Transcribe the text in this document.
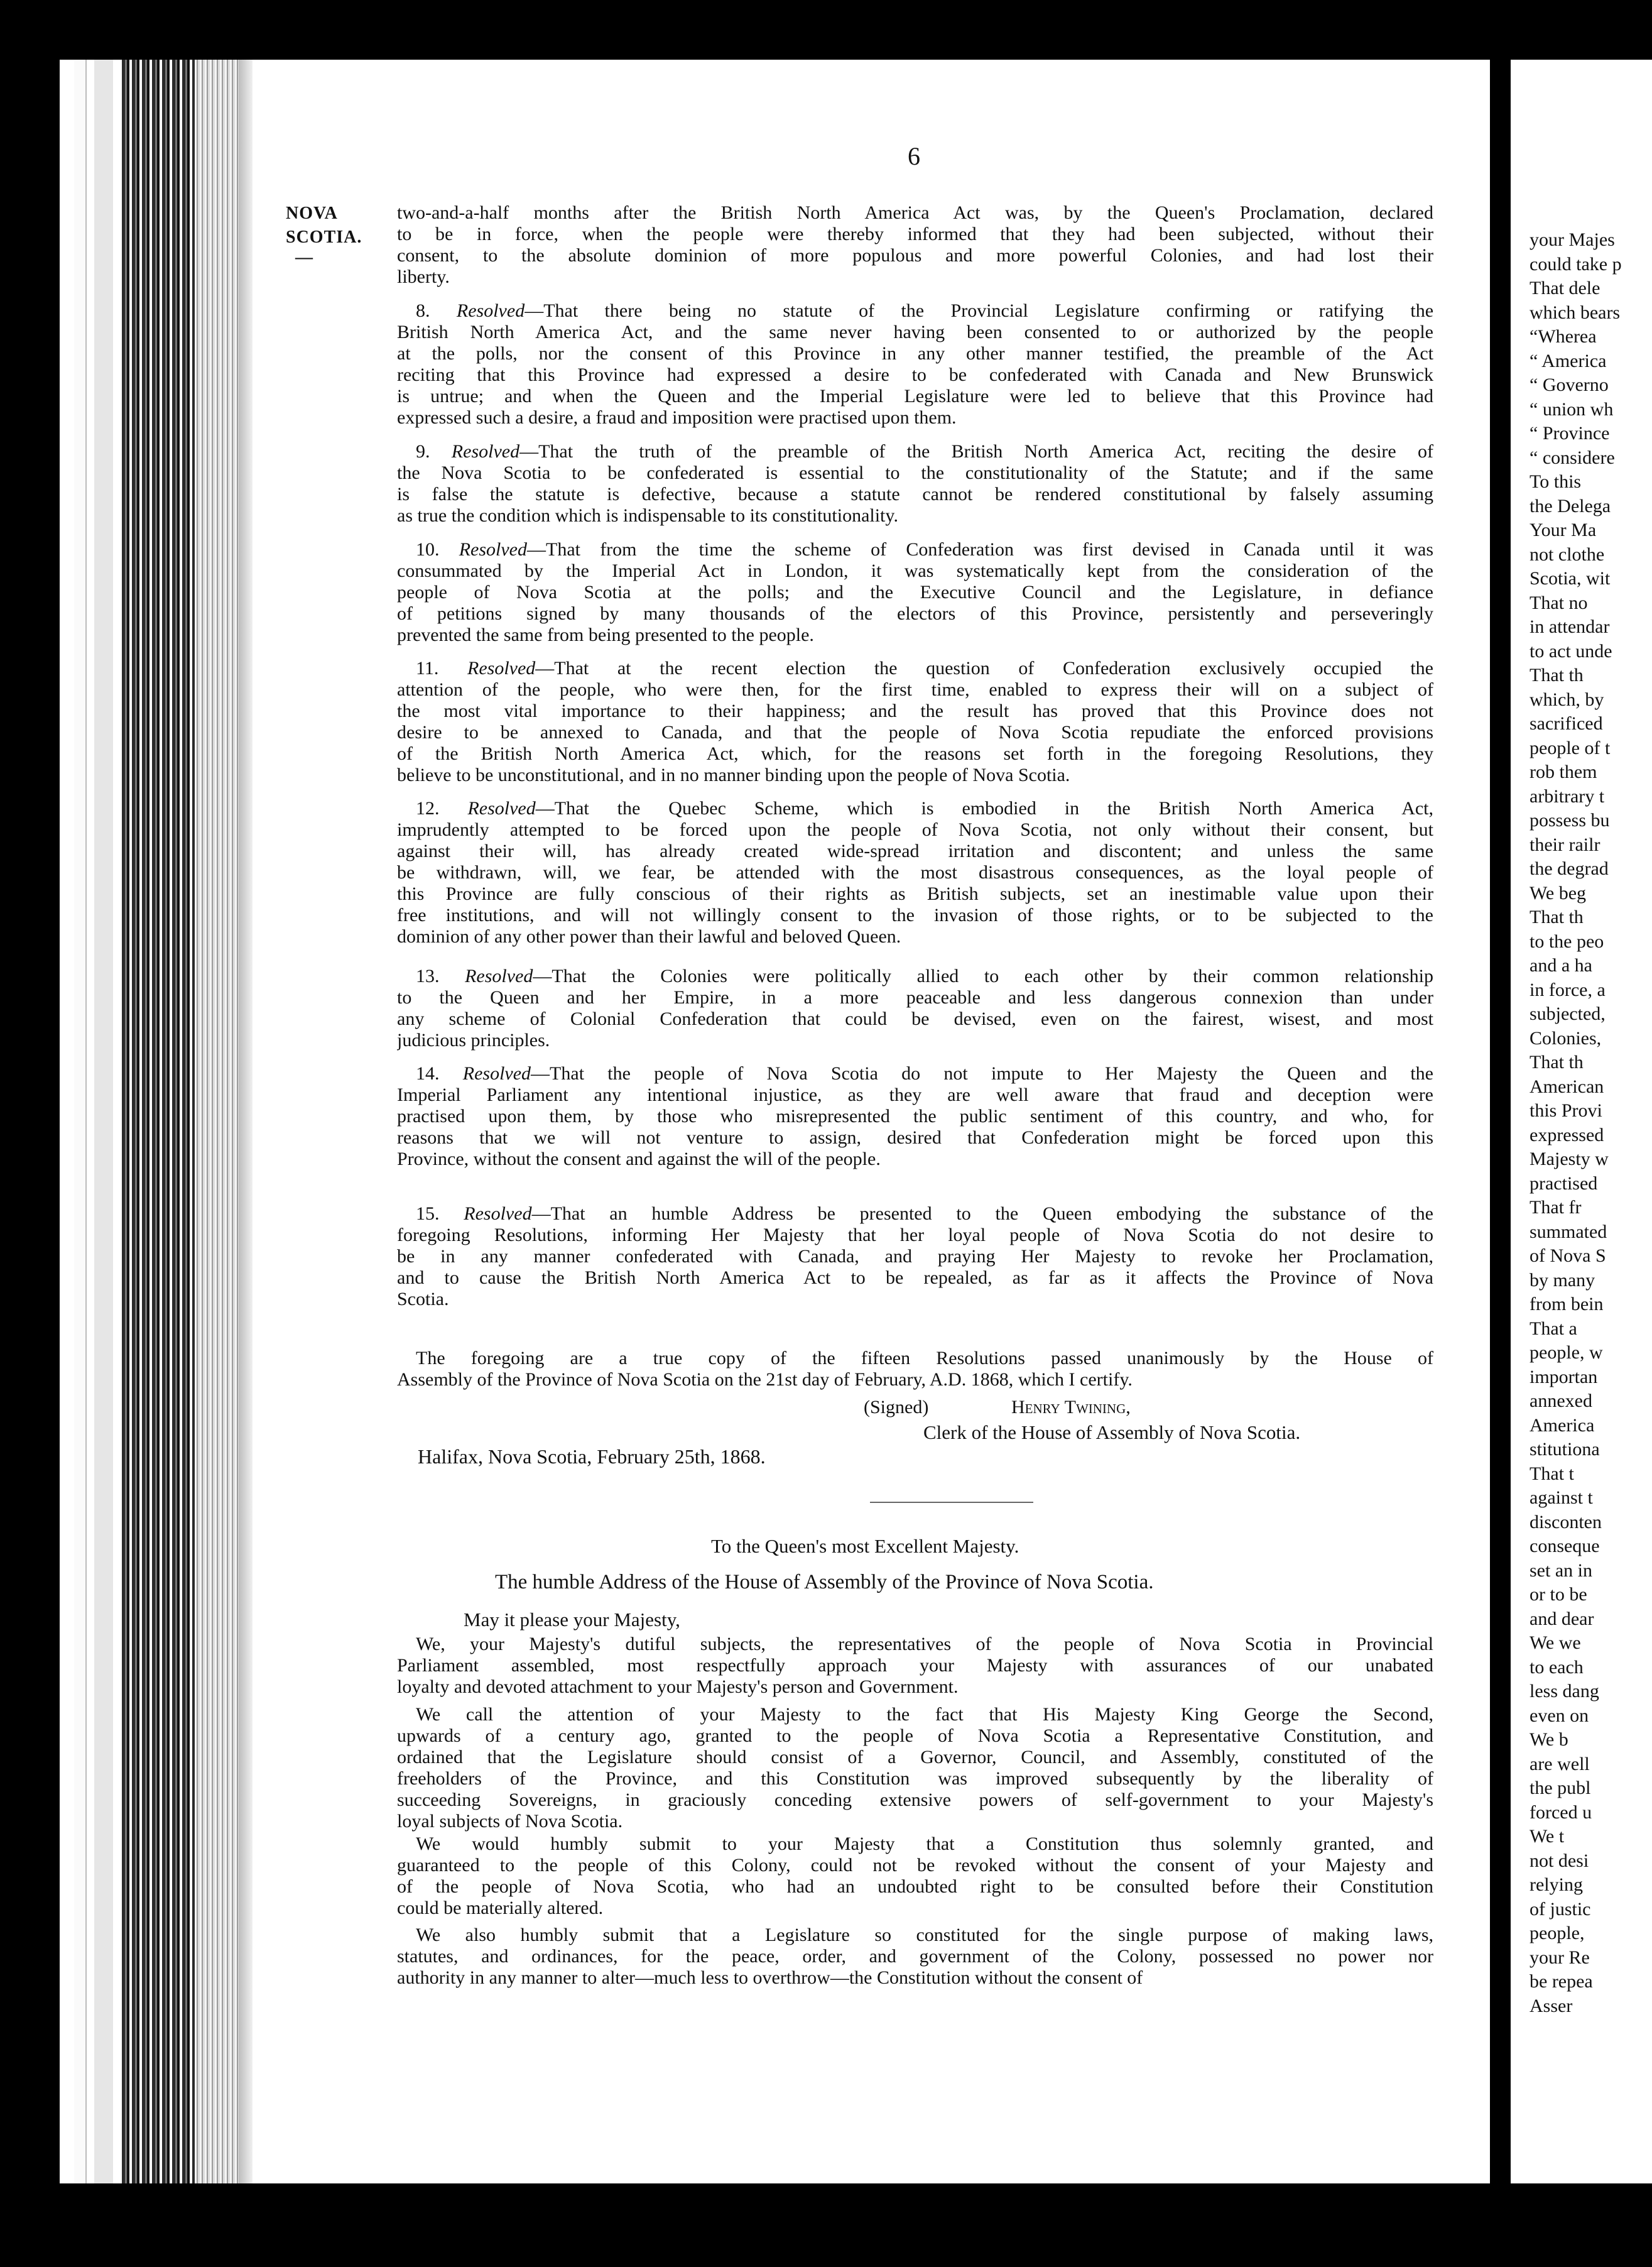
your Majes
could take p
That dele
which bears
“Wherea
“ America
“ Governo
“ union wh
“ Province
“ considere
To this
the Delega
Your Ma
not clothe
Scotia, wit
That no
in attendar
to act unde
That th
which, by
sacrificed
people of t
rob them
arbitrary t
possess bu
their railr
the degrad
We beg
That th
to the peo
and a ha
in force, a
subjected,
Colonies,
That th
American
this Provi
expressed
Majesty w
practised
That fr
summated
of Nova S
by many
from bein
That a
people, w
importan
annexed
America
stitutiona
That t
against t
disconten
conseque
set an in
or to be
and dear
We we
to each
less dang
even on
We b
are well
the publ
forced u
We t
not desi
relying
of justic
people,
your Re
be repea
Asser
6
NOVA
SCOTIA.
—
two-and-a-half months after the British North America Act was, by the Queen's Proclamation, declared
to be in force, when the people were thereby informed that they had been subjected, without their
consent, to the absolute dominion of more populous and more powerful Colonies, and had lost their
liberty.
8. Resolved—That there being no statute of the Provincial Legislature confirming or ratifying the
British North America Act, and the same never having been consented to or authorized by the people
at the polls, nor the consent of this Province in any other manner testified, the preamble of the Act
reciting that this Province had expressed a desire to be confederated with Canada and New Brunswick
is untrue; and when the Queen and the Imperial Legislature were led to believe that this Province had
expressed such a desire, a fraud and imposition were practised upon them.
9. Resolved—That the truth of the preamble of the British North America Act, reciting the desire of
the Nova Scotia to be confederated is essential to the constitutionality of the Statute; and if the same
is false the statute is defective, because a statute cannot be rendered constitutional by falsely assuming
as true the condition which is indispensable to its constitutionality.
10. Resolved—That from the time the scheme of Confederation was first devised in Canada until it was
consummated by the Imperial Act in London, it was systematically kept from the consideration of the
people of Nova Scotia at the polls; and the Executive Council and the Legislature, in defiance
of petitions signed by many thousands of the electors of this Province, persistently and perseveringly
prevented the same from being presented to the people.
11. Resolved—That at the recent election the question of Confederation exclusively occupied the
attention of the people, who were then, for the first time, enabled to express their will on a subject of
the most vital importance to their happiness; and the result has proved that this Province does not
desire to be annexed to Canada, and that the people of Nova Scotia repudiate the enforced provisions
of the British North America Act, which, for the reasons set forth in the foregoing Resolutions, they
believe to be unconstitutional, and in no manner binding upon the people of Nova Scotia.
12. Resolved—That the Quebec Scheme, which is embodied in the British North America Act,
imprudently attempted to be forced upon the people of Nova Scotia, not only without their consent, but
against their will, has already created wide-spread irritation and discontent; and unless the same
be withdrawn, will, we fear, be attended with the most disastrous consequences, as the loyal people of
this Province are fully conscious of their rights as British subjects, set an inestimable value upon their
free institutions, and will not willingly consent to the invasion of those rights, or to be subjected to the
dominion of any other power than their lawful and beloved Queen.
13. Resolved—That the Colonies were politically allied to each other by their common relationship
to the Queen and her Empire, in a more peaceable and less dangerous connexion than under
any scheme of Colonial Confederation that could be devised, even on the fairest, wisest, and most
judicious principles.
14. Resolved—That the people of Nova Scotia do not impute to Her Majesty the Queen and the
Imperial Parliament any intentional injustice, as they are well aware that fraud and deception were
practised upon them, by those who misrepresented the public sentiment of this country, and who, for
reasons that we will not venture to assign, desired that Confederation might be forced upon this
Province, without the consent and against the will of the people.
15. Resolved—That an humble Address be presented to the Queen embodying the substance of the
foregoing Resolutions, informing Her Majesty that her loyal people of Nova Scotia do not desire to
be in any manner confederated with Canada, and praying Her Majesty to revoke her Proclamation,
and to cause the British North America Act to be repealed, as far as it affects the Province of Nova
Scotia.
The foregoing are a true copy of the fifteen Resolutions passed unanimously by the House of
Assembly of the Province of Nova Scotia on the 21st day of February, A.D. 1868, which I certify.
(Signed)	Henry Twining,
Clerk of the House of Assembly of Nova Scotia.
Halifax, Nova Scotia, February 25th, 1868.
To the Queen's most Excellent Majesty.
The humble Address of the House of Assembly of the Province of Nova Scotia.
May it please your Majesty,
We, your Majesty's dutiful subjects, the representatives of the people of Nova Scotia in Provincial
Parliament assembled, most respectfully approach your Majesty with assurances of our unabated
loyalty and devoted attachment to your Majesty's person and Government.
We call the attention of your Majesty to the fact that His Majesty King George the Second,
upwards of a century ago, granted to the people of Nova Scotia a Representative Constitution, and
ordained that the Legislature should consist of a Governor, Council, and Assembly, constituted of the
freeholders of the Province, and this Constitution was improved subsequently by the liberality of
succeeding Sovereigns, in graciously conceding extensive powers of self-government to your Majesty's
loyal subjects of Nova Scotia.
We would humbly submit to your Majesty that a Constitution thus solemnly granted, and
guaranteed to the people of this Colony, could not be revoked without the consent of your Majesty and
of the people of Nova Scotia, who had an undoubted right to be consulted before their Constitution
could be materially altered.
We also humbly submit that a Legislature so constituted for the single purpose of making laws,
statutes, and ordinances, for the peace, order, and government of the Colony, possessed no power nor
authority in any manner to alter—much less to overthrow—the Constitution without the consent of
